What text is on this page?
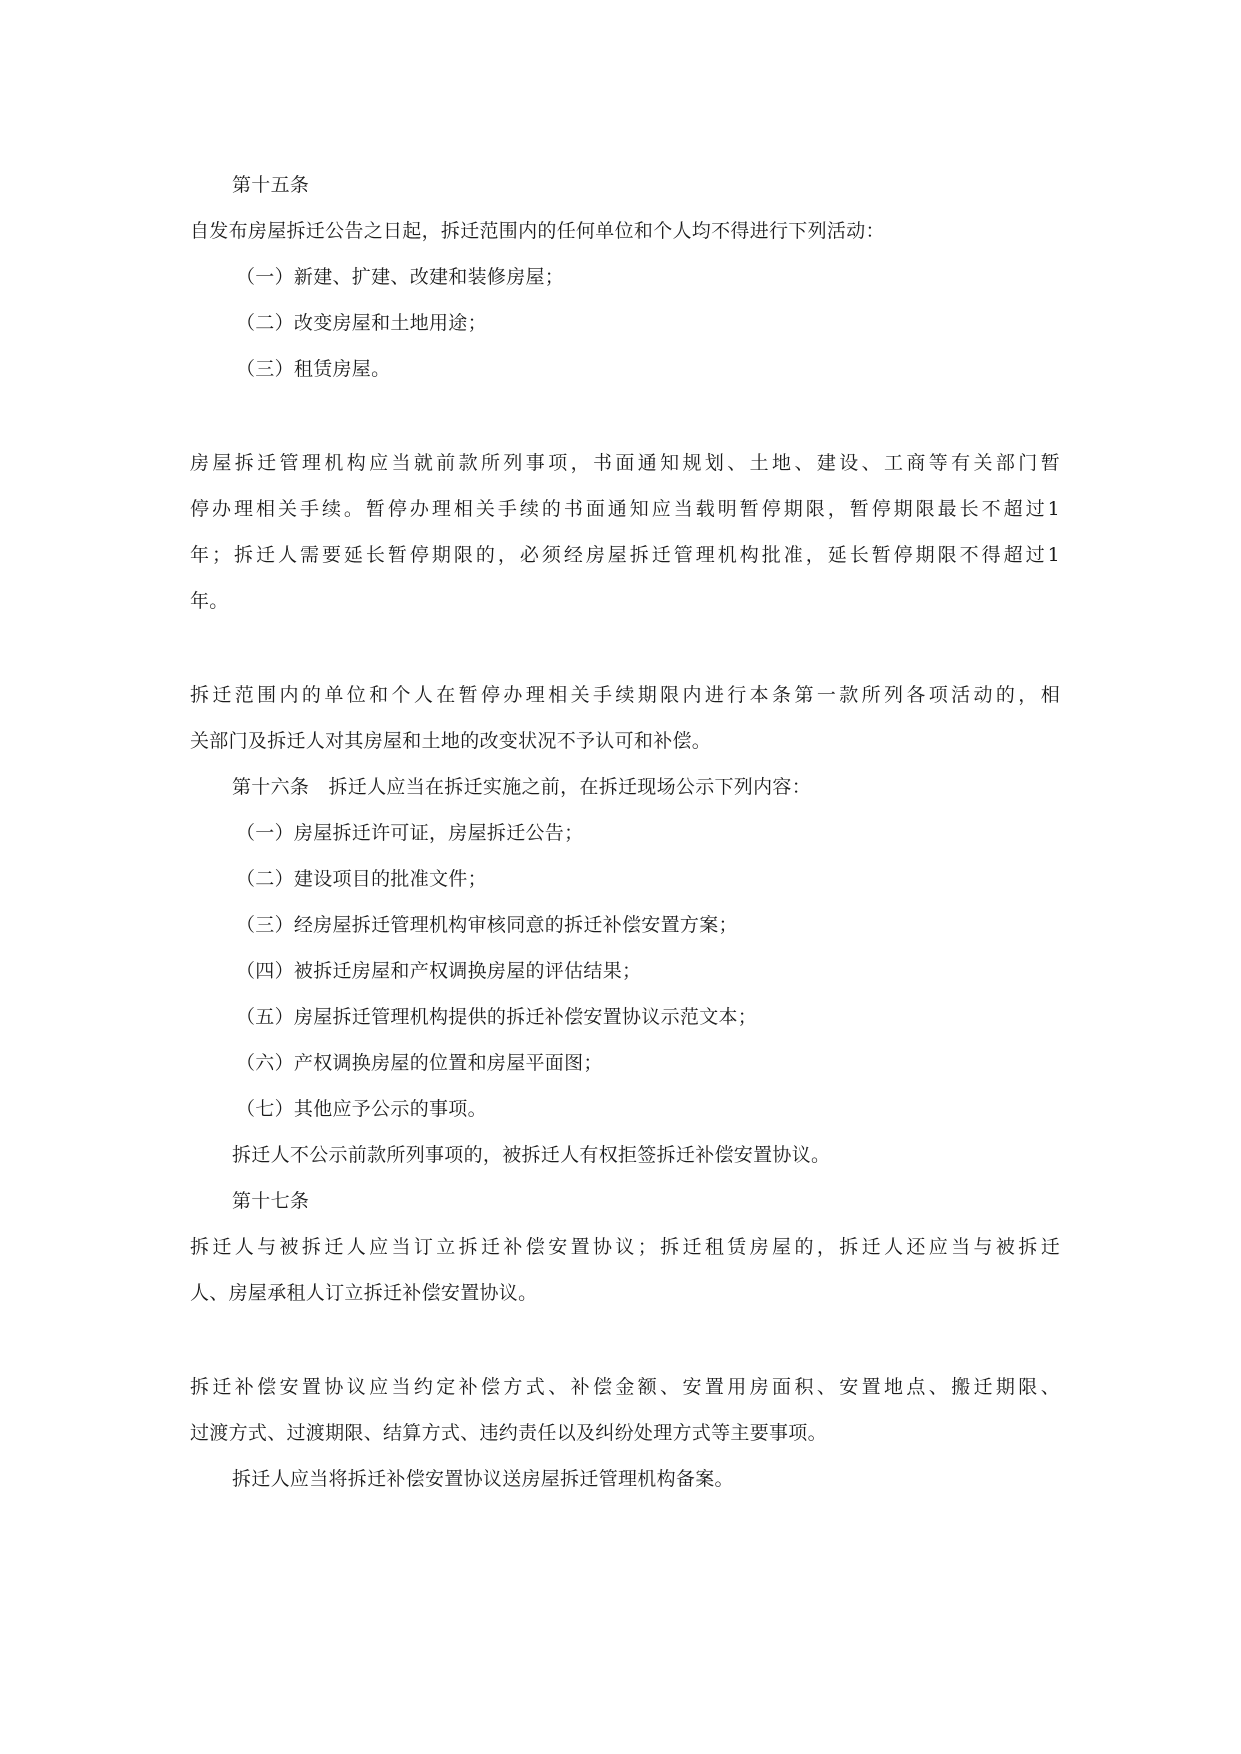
第十五条

自发布房屋拆迁公告之日起，拆迁范围内的任何单位和个人均不得进行下列活动：

（一）新建、扩建、改建和装修房屋；

（二）改变房屋和土地用途；

（三）租赁房屋。

房屋拆迁管理机构应当就前款所列事项，书面通知规划、土地、建设、工商等有关部门暂

停办理相关手续。暂停办理相关手续的书面通知应当载明暂停期限，暂停期限最长不超过1

年；拆迁人需要延长暂停期限的，必须经房屋拆迁管理机构批准，延长暂停期限不得超过1

年。

拆迁范围内的单位和个人在暂停办理相关手续期限内进行本条第一款所列各项活动的，相

关部门及拆迁人对其房屋和土地的改变状况不予认可和补偿。

第十六条　拆迁人应当在拆迁实施之前，在拆迁现场公示下列内容：

（一）房屋拆迁许可证，房屋拆迁公告；

（二）建设项目的批准文件；

（三）经房屋拆迁管理机构审核同意的拆迁补偿安置方案；

（四）被拆迁房屋和产权调换房屋的评估结果；

（五）房屋拆迁管理机构提供的拆迁补偿安置协议示范文本；

（六）产权调换房屋的位置和房屋平面图；

（七）其他应予公示的事项。

拆迁人不公示前款所列事项的，被拆迁人有权拒签拆迁补偿安置协议。

第十七条

拆迁人与被拆迁人应当订立拆迁补偿安置协议；拆迁租赁房屋的，拆迁人还应当与被拆迁

人、房屋承租人订立拆迁补偿安置协议。

拆迁补偿安置协议应当约定补偿方式、补偿金额、安置用房面积、安置地点、搬迁期限、

过渡方式、过渡期限、结算方式、违约责任以及纠纷处理方式等主要事项。

拆迁人应当将拆迁补偿安置协议送房屋拆迁管理机构备案。
